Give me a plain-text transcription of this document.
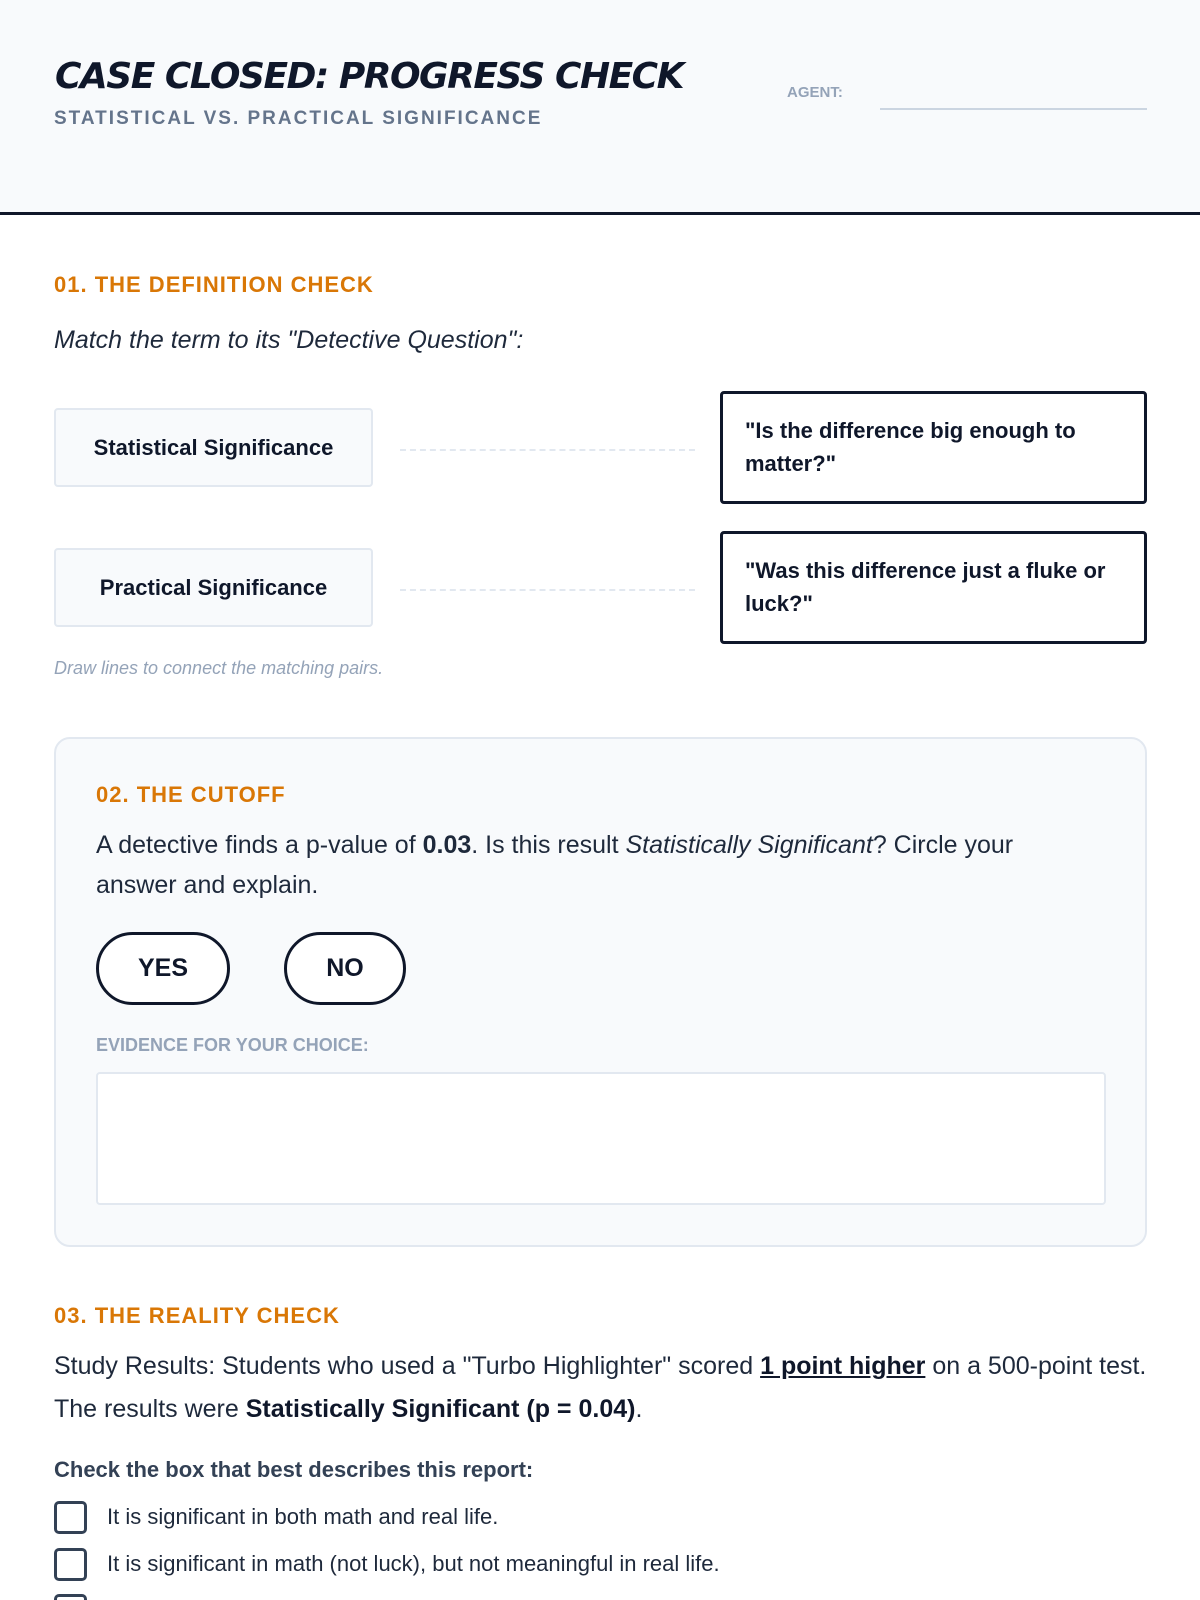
CASE CLOSED: PROGRESS CHECK
STATISTICAL VS. PRACTICAL SIGNIFICANCE
AGENT:
01. THE DEFINITION CHECK
Match the term to its "Detective Question":
Statistical Significance
"Is the difference big enough to matter?"
Practical Significance
"Was this difference just a fluke or luck?"
Draw lines to connect the matching pairs.
02. THE CUTOFF
A detective finds a p-value of 0.03. Is this result Statistically Significant? Circle your answer and explain.
YES	NO
EVIDENCE FOR YOUR CHOICE:
03. THE REALITY CHECK
Study Results: Students who used a "Turbo Highlighter" scored 1 point higher on a 500-point test. The results were Statistically Significant (p = 0.04).
Check the box that best describes this report:
It is significant in both math and real life.
It is significant in math (not luck), but not meaningful in real life.
